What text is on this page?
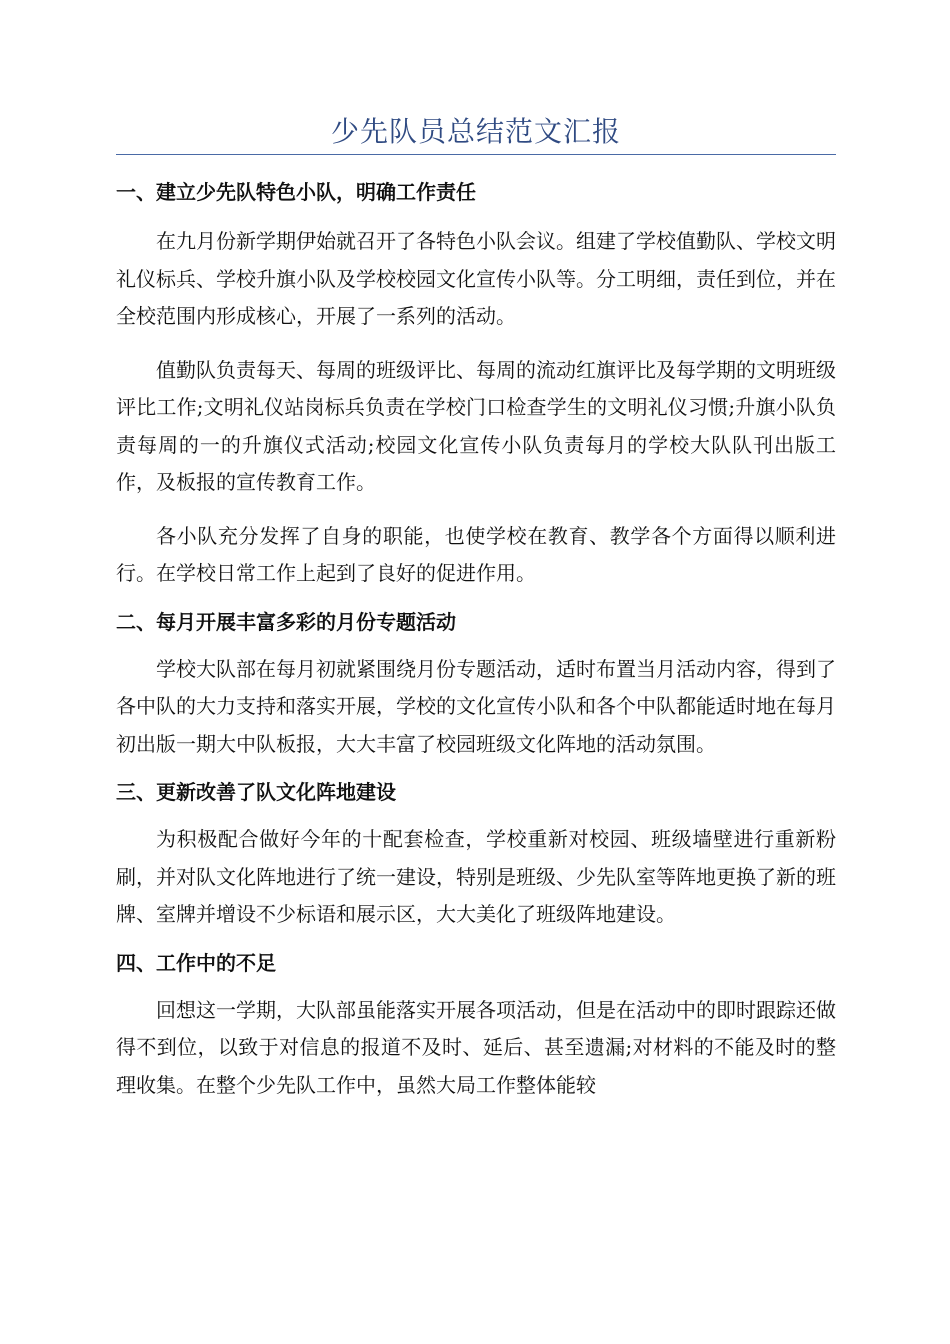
少先队员总结范文汇报
一、建立少先队特色小队，明确工作责任

在九月份新学期伊始就召开了各特色小队会议。组建了学校值勤队、学校文明礼仪标兵、学校升旗小队及学校校园文化宣传小队等。分工明细，责任到位，并在全校范围内形成核心，开展了一系列的活动。

值勤队负责每天、每周的班级评比、每周的流动红旗评比及每学期的文明班级评比工作;文明礼仪站岗标兵负责在学校门口检查学生的文明礼仪习惯;升旗小队负责每周的一的升旗仪式活动;校园文化宣传小队负责每月的学校大队队刊出版工作，及板报的宣传教育工作。

各小队充分发挥了自身的职能，也使学校在教育、教学各个方面得以顺利进行。在学校日常工作上起到了良好的促进作用。

二、每月开展丰富多彩的月份专题活动

学校大队部在每月初就紧围绕月份专题活动，适时布置当月活动内容，得到了各中队的大力支持和落实开展，学校的文化宣传小队和各个中队都能适时地在每月初出版一期大中队板报，大大丰富了校园班级文化阵地的活动氛围。

三、更新改善了队文化阵地建设

为积极配合做好今年的十配套检查，学校重新对校园、班级墙壁进行重新粉刷，并对队文化阵地进行了统一建设，特别是班级、少先队室等阵地更换了新的班牌、室牌并增设不少标语和展示区，大大美化了班级阵地建设。

四、工作中的不足

回想这一学期，大队部虽能落实开展各项活动，但是在活动中的即时跟踪还做得不到位，以致于对信息的报道不及时、延后、甚至遗漏;对材料的不能及时的整理收集。在整个少先队工作中，虽然大局工作整体能较
